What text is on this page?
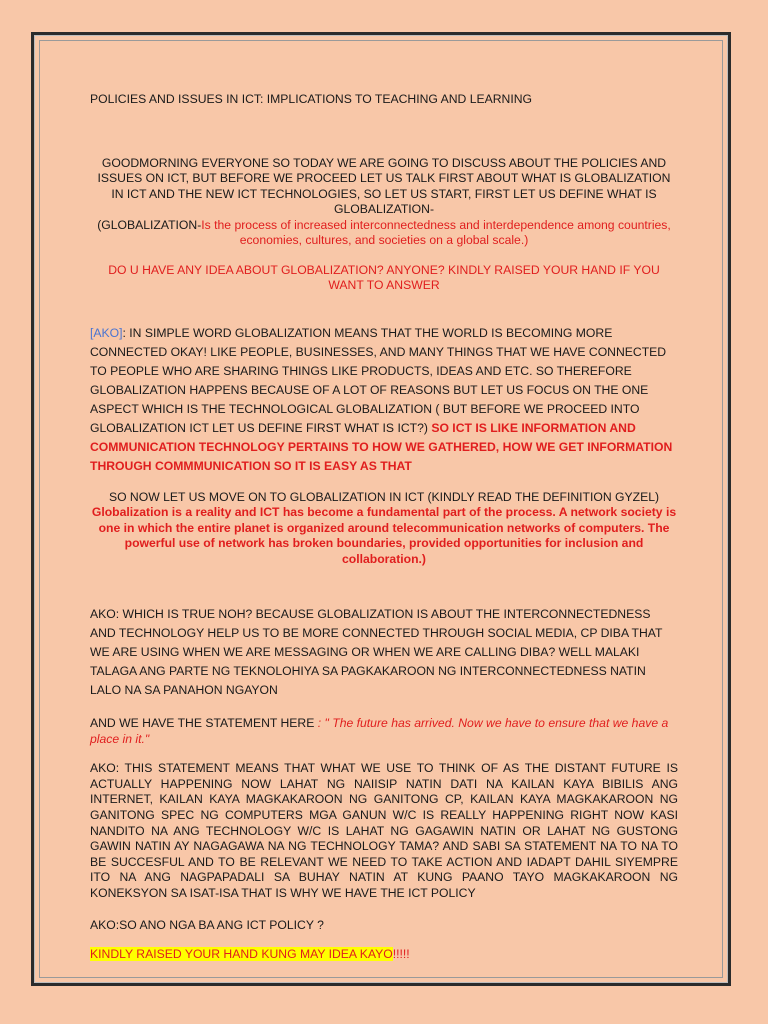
POLICIES AND ISSUES IN ICT: IMPLICATIONS TO TEACHING AND LEARNING

GOODMORNING EVERYONE SO TODAY WE ARE GOING TO DISCUSS ABOUT THE POLICIES AND ISSUES ON ICT, BUT BEFORE WE PROCEED LET US TALK FIRST ABOUT WHAT IS GLOBALIZATION IN ICT AND THE NEW ICT TECHNOLOGIES, SO LET US START, FIRST LET US DEFINE WHAT IS GLOBALIZATION-
(GLOBALIZATION-Is the process of increased interconnectedness and interdependence among countries, economies, cultures, and societies on a global scale.)

DO U HAVE ANY IDEA ABOUT GLOBALIZATION? ANYONE? KINDLY RAISED YOUR HAND IF YOU WANT TO ANSWER

[AKO]: IN SIMPLE WORD GLOBALIZATION MEANS THAT THE WORLD IS BECOMING MORE CONNECTED OKAY! LIKE PEOPLE, BUSINESSES, AND MANY THINGS THAT WE HAVE CONNECTED TO PEOPLE WHO ARE SHARING THINGS LIKE PRODUCTS, IDEAS AND ETC. SO THEREFORE GLOBALIZATION HAPPENS BECAUSE OF A LOT OF REASONS BUT LET US FOCUS ON THE ONE ASPECT WHICH IS THE TECHNOLOGICAL GLOBALIZATION ( BUT BEFORE WE PROCEED INTO GLOBALIZATION ICT LET US DEFINE FIRST WHAT IS ICT?) SO ICT IS LIKE INFORMATION AND COMMUNICATION TECHNOLOGY PERTAINS TO HOW WE GATHERED, HOW WE GET INFORMATION THROUGH COMMMUNICATION SO IT IS EASY AS THAT

SO NOW LET US MOVE ON TO GLOBALIZATION IN ICT (KINDLY READ THE DEFINITION GYZEL)
Globalization is a reality and ICT has become a fundamental part of the process. A network society is one in which the entire planet is organized around telecommunication networks of computers. The powerful use of network has broken boundaries, provided opportunities for inclusion and collaboration.)

AKO: WHICH IS TRUE NOH? BECAUSE GLOBALIZATION IS ABOUT THE INTERCONNECTEDNESS AND TECHNOLOGY HELP US TO BE MORE CONNECTED THROUGH SOCIAL MEDIA, CP DIBA THAT WE ARE USING WHEN WE ARE MESSAGING OR WHEN WE ARE CALLING DIBA? WELL MALAKI TALAGA ANG PARTE NG TEKNOLOHIYA SA PAGKAKAROON NG INTERCONNECTEDNESS NATIN LALO NA SA PANAHON NGAYON

AND WE HAVE THE STATEMENT HERE : " The future has arrived. Now we have to ensure that we have a place in it."

AKO: THIS STATEMENT MEANS THAT WHAT WE USE TO THINK OF AS THE DISTANT FUTURE IS ACTUALLY HAPPENING NOW LAHAT NG NAIISIP NATIN DATI NA KAILAN KAYA BIBILIS ANG INTERNET, KAILAN KAYA MAGKAKAROON NG GANITONG CP, KAILAN KAYA MAGKAKAROON NG GANITONG SPEC NG COMPUTERS MGA GANUN W/C IS REALLY HAPPENING RIGHT NOW KASI NANDITO NA ANG TECHNOLOGY W/C IS LAHAT NG GAGAWIN NATIN OR LAHAT NG GUSTONG GAWIN NATIN AY NAGAGAWA NA NG TECHNOLOGY TAMA? AND SABI SA STATEMENT NA TO NA TO BE SUCCESFUL AND TO BE RELEVANT WE NEED TO TAKE ACTION AND IADAPT DAHIL SIYEMPRE ITO NA ANG NAGPAPADALI SA BUHAY NATIN AT KUNG PAANO TAYO MAGKAKAROON NG KONEKSYON SA ISAT-ISA THAT IS WHY WE HAVE THE ICT POLICY

AKO:SO ANO NGA BA ANG ICT POLICY ?

KINDLY RAISED YOUR HAND KUNG MAY IDEA KAYO!!!!!
